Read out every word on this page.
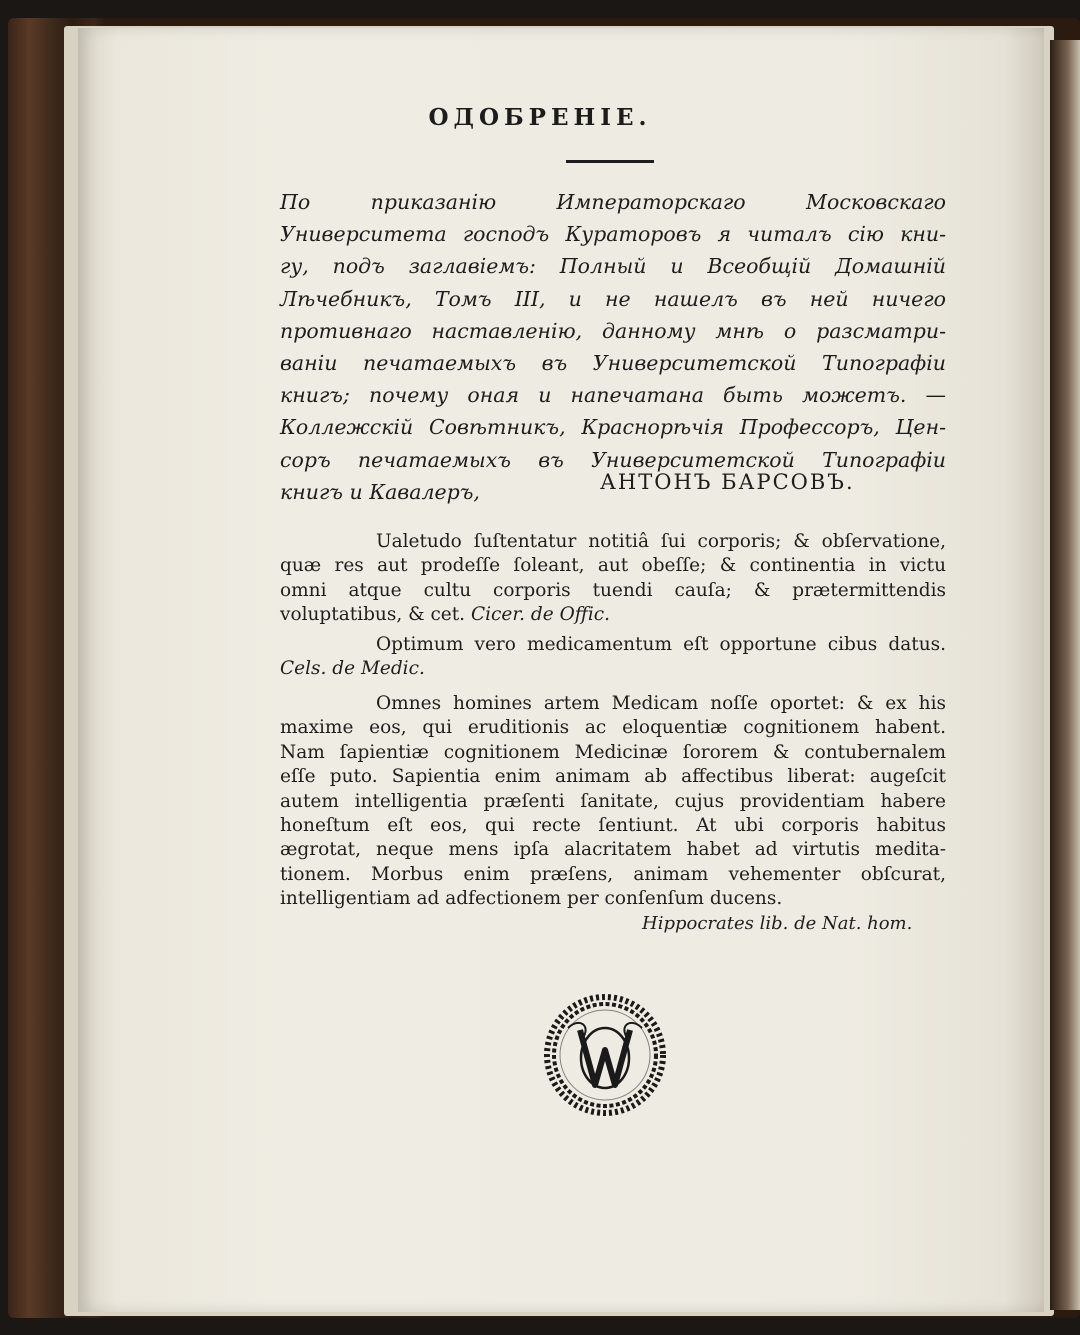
ОДОБРЕНІЕ.
По приказанію Императорскаго Московскаго
Университета господъ Кураторовъ я читалъ сію кни-
гу, подъ заглавіемъ: Полный и Всеобщій Домашній
Лѣчебникъ, Томъ III, и не нашелъ въ ней ничего
противнаго наставленію, данному мнѣ о разсматри-
ваніи печатаемыхъ въ Университетской Типографіи
книгъ; почему оная и напечатана быть можетъ. —
Коллежскій Совѣтникъ, Краснорѣчія Профессоръ, Цен-
соръ печатаемыхъ въ Университетской Типографіи
книгъ и Кавалеръ,	АНТОНЪ БАРСОВЪ.
Ualetudo ſuſtentatur notitiâ ſui corporis; & obſervatione,
quæ res aut prodeſſe ſoleant, aut obeſſe; & continentia in victu
omni atque cultu corporis tuendi cauſa; & prætermittendis
voluptatibus, & cet. Cicer. de Offic.
Optimum vero medicamentum eſt opportune cibus datus.
Cels. de Medic.
Omnes homines artem Medicam noſſe oportet: & ex his
maxime eos, qui eruditionis ac eloquentiæ cognitionem habent.
Nam ſapientiæ cognitionem Medicinæ ſororem & contubernalem
eſſe puto. Sapientia enim animam ab affectibus liberat: augeſcit
autem intelligentia præſenti ſanitate, cujus providentiam habere
honeſtum eſt eos, qui recte ſentiunt. At ubi corporis habitus
ægrotat, neque mens ipſa alacritatem habet ad virtutis medita-
tionem. Morbus enim præſens, animam vehementer obſcurat,
intelligentiam ad adfectionem per conſenſum ducens.
Hippocrates lib. de Nat. hom.
